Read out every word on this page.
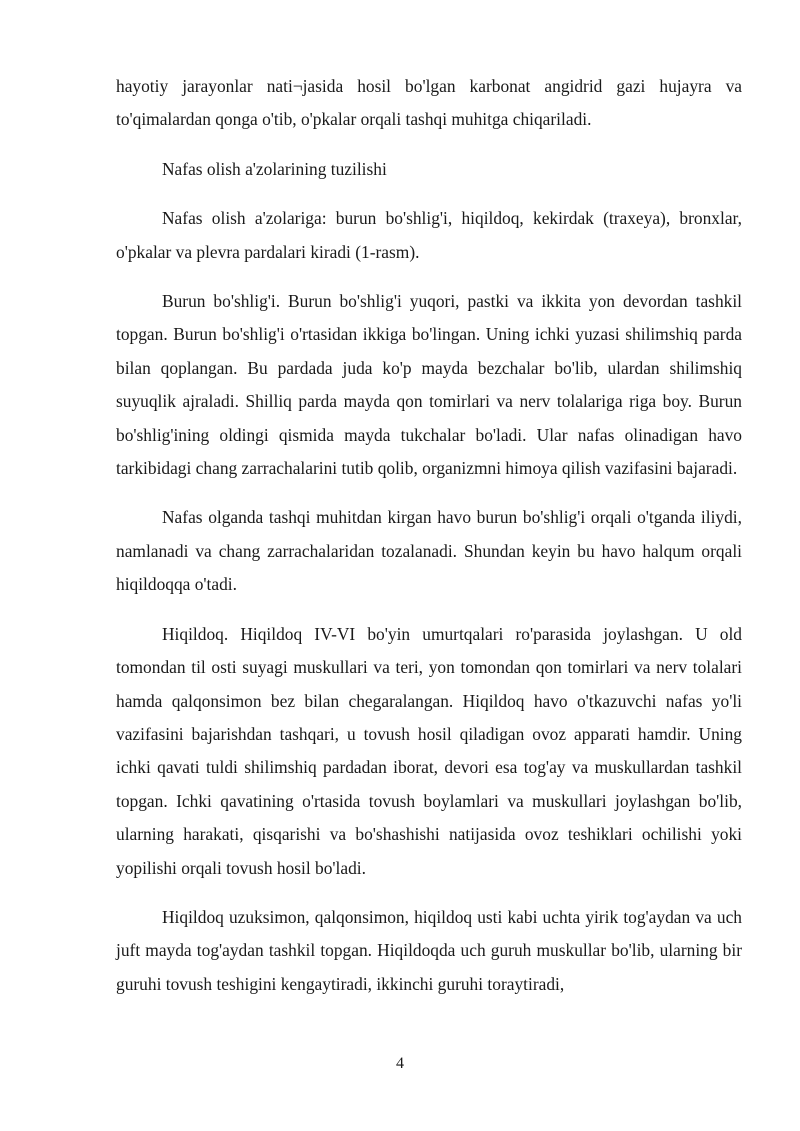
hayotiy jarayonlar nati¬jasida hosil bo'lgan karbonat angidrid gazi hujayra va to'qimalardan qonga o'tib, o'pkalar orqali tashqi muhitga chiqariladi.

Nafas olish a'zolarining tuzilishi

Nafas olish a'zolariga: burun bo'shlig'i, hiqildoq, kekirdak (traxeya), bronxlar, o'pkalar va plevra pardalari kiradi (1-rasm).

Burun bo'shlig'i. Burun bo'shlig'i yuqori, pastki va ikkita yon devordan tashkil topgan. Burun bo'shlig'i o'rtasidan ikkiga bo'lingan. Uning ichki yuzasi shilimshiq parda bilan qoplangan. Bu pardada juda ko'p mayda bezchalar bo'lib, ulardan shilimshiq suyuqlik ajraladi. Shilliq parda mayda qon tomirlari va nerv tolalariga riga boy. Burun bo'shlig'ining oldingi qismida mayda tukchalar bo'ladi. Ular nafas olinadigan havo tarkibidagi chang zarrachalarini tutib qolib, organizmni himoya qilish vazifasini bajaradi.

Nafas olganda tashqi muhitdan kirgan havo burun bo'shlig'i orqali o'tganda iliydi, namlanadi va chang zarrachalaridan tozalanadi. Shundan keyin bu havo halqum orqali hiqildoqqa o'tadi.

Hiqildoq. Hiqildoq IV-VI bo'yin umurtqalari ro'parasida joylashgan. U old tomondan til osti suyagi muskullari va teri, yon tomondan qon tomirlari va nerv tolalari hamda qalqonsimon bez bilan chegaralangan. Hiqildoq havo o'tkazuvchi nafas yo'li vazifasini bajarishdan tashqari, u tovush hosil qiladigan ovoz apparati hamdir. Uning ichki qavati tuldi shilimshiq pardadan iborat, devori esa tog'ay va muskullardan tashkil topgan. Ichki qavatining o'rtasida tovush boylamlari va muskullari joylashgan bo'lib, ularning harakati, qisqarishi va bo'shashishi natijasida ovoz teshiklari ochilishi yoki yopilishi orqali tovush hosil bo'ladi.

Hiqildoq uzuksimon, qalqonsimon, hiqildoq usti kabi uchta yirik tog'aydan va uch juft mayda tog'aydan tashkil topgan. Hiqildoqda uch guruh muskullar bo'lib, ularning bir guruhi tovush teshigini kengaytiradi, ikkinchi guruhi toraytiradi,

4
